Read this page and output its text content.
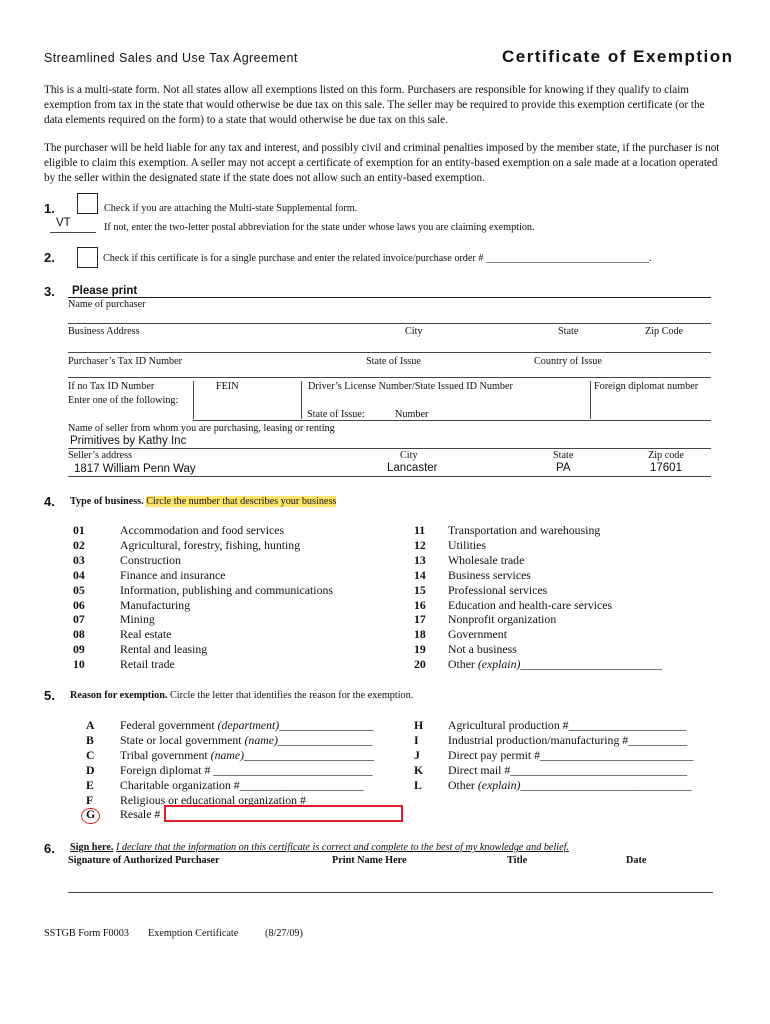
Streamlined Sales and Use Tax Agreement	Certificate of Exemption
This is a multi-state form. Not all states allow all exemptions listed on this form. Purchasers are responsible for knowing if they qualify to claim exemption from tax in the state that would otherwise be due tax on this sale. The seller may be required to provide this exemption certificate (or the data elements required on the form) to a state that would otherwise be due tax on this sale.
The purchaser will be held liable for any tax and interest, and possibly civil and criminal penalties imposed by the member state, if the purchaser is not eligible to claim this exemption. A seller may not accept a certificate of exemption for an entity-based exemption on a sale made at a location operated by the seller within the designated state if the state does not allow such an entity-based exemption.
1.	Check if you are attaching the Multi-state Supplemental form.
VT	If not, enter the two-letter postal abbreviation for the state under whose laws you are claiming exemption.
2.	Check if this certificate is for a single purchase and enter the related invoice/purchase order # ________________________________.
3. Please print
Name of purchaser
Business Address	City	State	Zip Code
Purchaser’s Tax ID Number	State of Issue	Country of Issue
If no Tax ID Number
Enter one of the following:
FEIN	Driver’s License Number/State Issued ID Number	Foreign diplomat number
State of Issue:	Number
Name of seller from whom you are purchasing, leasing or renting
Primitives by Kathy Inc
Seller’s address	City	State	Zip code
1817 William Penn Way	Lancaster	PA	17601
4. Type of business. Circle the number that describes your business
01	Accommodation and food services
02	Agricultural, forestry, fishing, hunting
03	Construction
04	Finance and insurance
05	Information, publishing and communications
06	Manufacturing
07	Mining
08	Real estate
09	Rental and leasing
10	Retail trade
11 Transportation and warehousing
12 Utilities
13 Wholesale trade
14 Business services
15 Professional services
16 Education and health-care services
17 Nonprofit organization
18 Government
19 Not a business
20 Other (explain)________________________
5. Reason for exemption. Circle the letter that identifies the reason for the exemption.
A Federal government (department)________________
B State or local government (name)________________
C Tribal government (name)______________________
D Foreign diplomat # ___________________________
E Charitable organization #_____________________
F Religious or educational organization #____________
G Resale #
H Agricultural production #____________________
I Industrial production/manufacturing #__________
J Direct pay permit #__________________________
K Direct mail #______________________________
L Other (explain)_____________________________
6. Sign here. I declare that the information on this certificate is correct and complete to the best of my knowledge and belief.
Signature of Authorized Purchaser	Print Name Here	Title	Date
SSTGB Form F0003 Exemption Certificate	(8/27/09)
